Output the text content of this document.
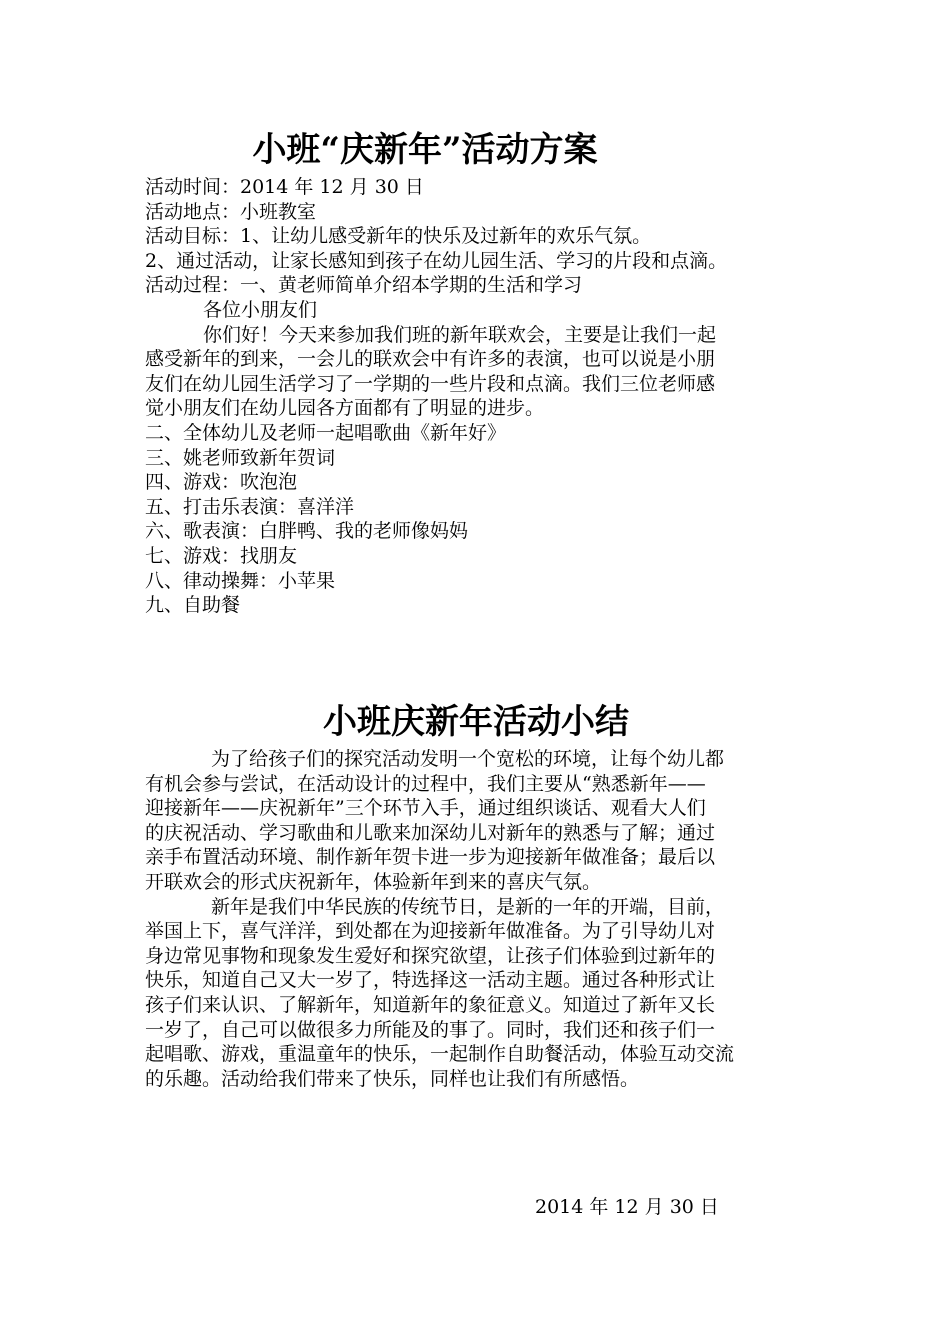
小班“庆新年”活动方案
活动时间：2014 年 12 月 30 日
活动地点：小班教室
活动目标：1、让幼儿感受新年的快乐及过新年的欢乐气氛。
2、通过活动，让家长感知到孩子在幼儿园生活、学习的片段和点滴。
活动过程：一、黄老师简单介绍本学期的生活和学习
各位小朋友们
你们好！今天来参加我们班的新年联欢会，主要是让我们一起
感受新年的到来，一会儿的联欢会中有许多的表演，也可以说是小朋
友们在幼儿园生活学习了一学期的一些片段和点滴。我们三位老师感
觉小朋友们在幼儿园各方面都有了明显的进步。
二、全体幼儿及老师一起唱歌曲《新年好》
三、姚老师致新年贺词
四、游戏：吹泡泡
五、打击乐表演：喜洋洋
六、歌表演：白胖鸭、我的老师像妈妈
七、游戏：找朋友
八、律动操舞：小苹果
九、自助餐
小班庆新年活动小结
为了给孩子们的探究活动发明一个宽松的环境，让每个幼儿都
有机会参与尝试，在活动设计的过程中，我们主要从“熟悉新年——
迎接新年——庆祝新年”三个环节入手，通过组织谈话、观看大人们
的庆祝活动、学习歌曲和儿歌来加深幼儿对新年的熟悉与了解；通过
亲手布置活动环境、制作新年贺卡进一步为迎接新年做准备；最后以
开联欢会的形式庆祝新年，体验新年到来的喜庆气氛。
新年是我们中华民族的传统节日，是新的一年的开端，目前，
举国上下，喜气洋洋，到处都在为迎接新年做准备。为了引导幼儿对
身边常见事物和现象发生爱好和探究欲望，让孩子们体验到过新年的
快乐，知道自己又大一岁了，特选择这一活动主题。通过各种形式让
孩子们来认识、了解新年，知道新年的象征意义。知道过了新年又长
一岁了，自己可以做很多力所能及的事了。同时，我们还和孩子们一
起唱歌、游戏，重温童年的快乐，一起制作自助餐活动，体验互动交流
的乐趣。活动给我们带来了快乐，同样也让我们有所感悟。
2014 年 12 月 30 日
